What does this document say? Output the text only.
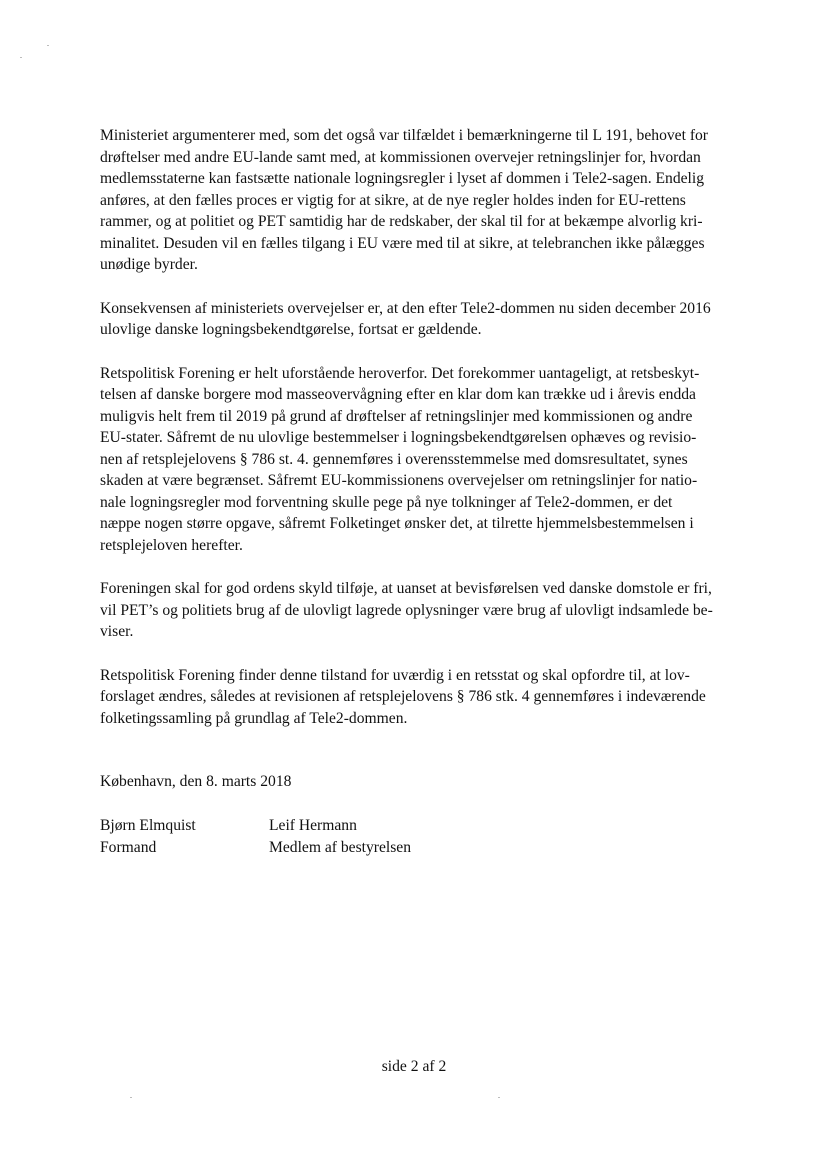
Ministeriet argumenterer med, som det også var tilfældet i bemærkningerne til L 191, behovet for
drøftelser med andre EU-lande samt med, at kommissionen overvejer retningslinjer for, hvordan
medlemsstaterne kan fastsætte nationale logningsregler i lyset af dommen i Tele2-sagen. Endelig
anføres, at den fælles proces er vigtig for at sikre, at de nye regler holdes inden for EU-rettens
rammer, og at politiet og PET samtidig har de redskaber, der skal til for at bekæmpe alvorlig kri-
minalitet. Desuden vil en fælles tilgang i EU være med til at sikre, at telebranchen ikke pålægges
unødige byrder.

Konsekvensen af ministeriets overvejelser er, at den efter Tele2-dommen nu siden december 2016
ulovlige danske logningsbekendtgørelse, fortsat er gældende.

Retspolitisk Forening er helt uforstående heroverfor. Det forekommer uantageligt, at retsbeskyt-
telsen af danske borgere mod masseovervågning efter en klar dom kan trække ud i årevis endda
muligvis helt frem til 2019 på grund af drøftelser af retningslinjer med kommissionen og andre
EU-stater. Såfremt de nu ulovlige bestemmelser i logningsbekendtgørelsen ophæves og revisio-
nen af retsplejelovens § 786 st. 4. gennemføres i overensstemmelse med domsresultatet, synes
skaden at være begrænset. Såfremt EU-kommissionens overvejelser om retningslinjer for natio-
nale logningsregler mod forventning skulle pege på nye tolkninger af Tele2-dommen, er det
næppe nogen større opgave, såfremt Folketinget ønsker det, at tilrette hjemmelsbestemmelsen i
retsplejeloven herefter.

Foreningen skal for god ordens skyld tilføje, at uanset at bevisførelsen ved danske domstole er fri,
vil PET’s og politiets brug af de ulovligt lagrede oplysninger være brug af ulovligt indsamlede be-
viser.

Retspolitisk Forening finder denne tilstand for uværdig i en retsstat og skal opfordre til, at lov-
forslaget ændres, således at revisionen af retsplejelovens § 786 stk. 4 gennemføres i indeværende
folketingssamling på grundlag af Tele2-dommen.

København, den 8. marts 2018
Bjørn Elmquist
Formand
Leif Hermann
Medlem af bestyrelsen
side 2 af 2
